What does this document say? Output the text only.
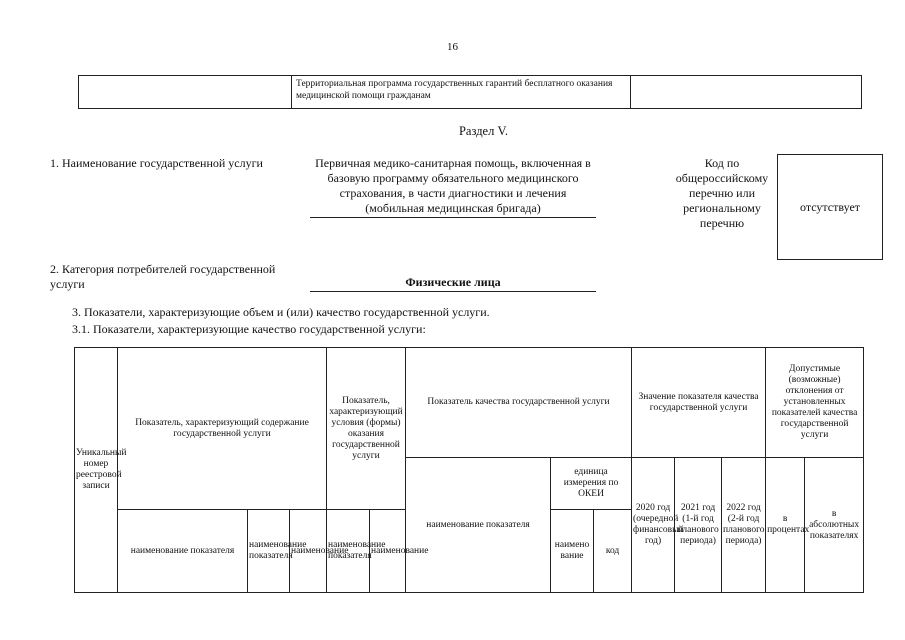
16
	Территориальная программа государственных гарантий бесплатного оказания медицинской помощи гражданам	
Раздел V.
1. Наименование государственной услуги	Первичная медико-санитарная помощь, включенная в базовую программу обязательного медицинского страхования, в части диагностики и лечения (мобильная медицинская бригада)
Код по общероссийскому перечню или региональному перечню
отсутствует
2. Категория потребителей государственной услуги	Физические лица
3. Показатели, характеризующие объем и (или) качество государственной услуги.
3.1. Показатели, характеризующие качество государственной услуги:
Уникальный номер реестровой записи	Показатель, характеризующий содержание государственной услуги			Показатель, характеризующий условия (формы) оказания государственной услуги		Показатель качества государственной услуги			Значение показателя качества государственной услуги			Допустимые (возможные) отклонения от установленных показателей качества государственной услуги	
						наименование показателя	единица измерения по ОКЕИ		2020 год (очередной финансовый год)	2021 год (1-й год планового периода)	2022 год (2-й год планового периода)	в процентах	в абсолютных показателях
	наименование показателя	наименование показателя	наименование	наименование показателя	наименование		наимено вание	код					
